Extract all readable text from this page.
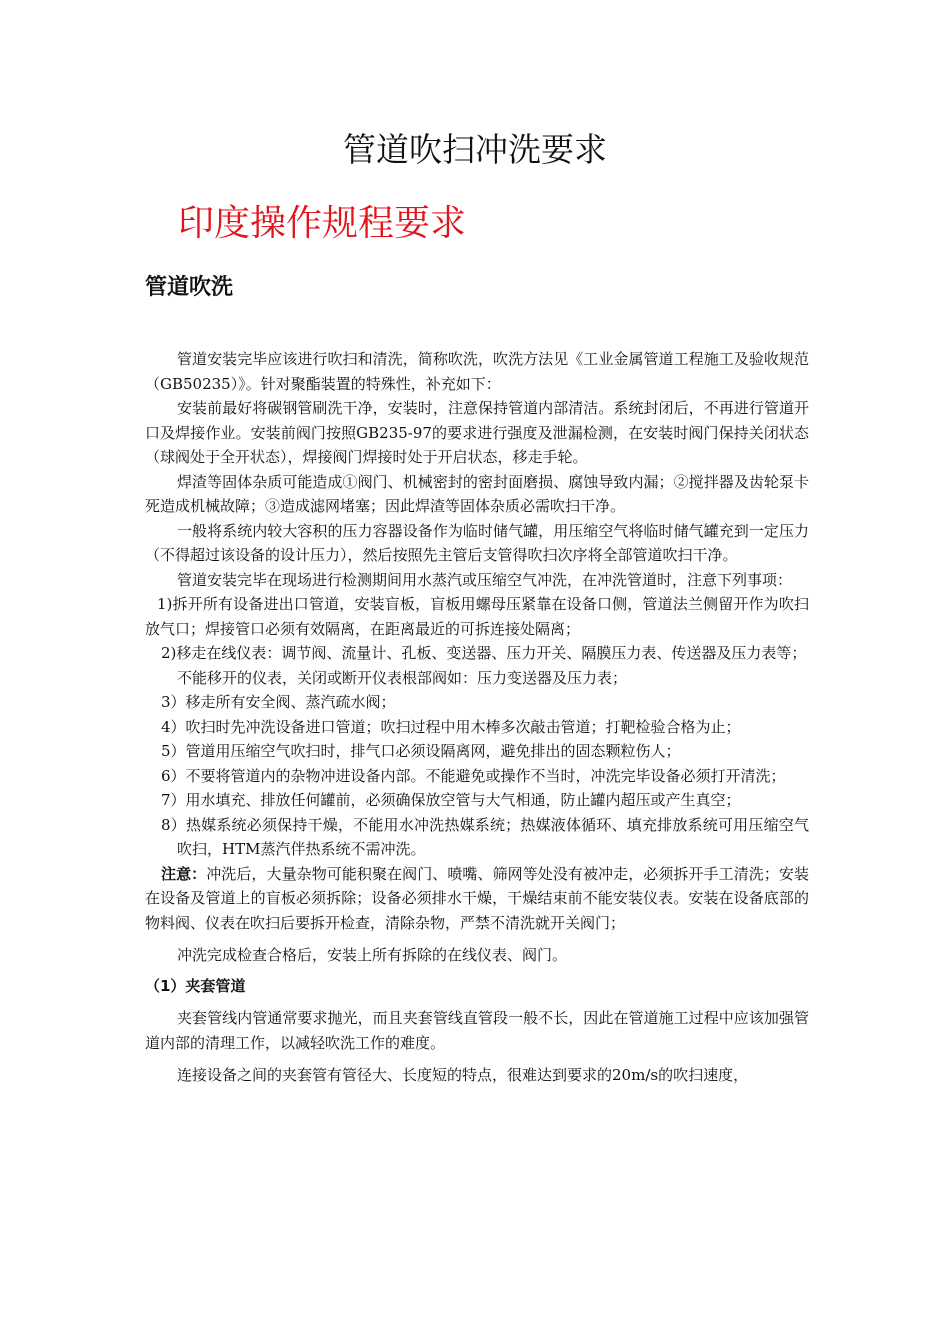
管道吹扫冲洗要求
印度操作规程要求
管道吹洗

管道安装完毕应该进行吹扫和清洗，简称吹洗，吹洗方法见《工业金属管道工程施工及验收规范（GB50235）》。针对聚酯装置的特殊性，补充如下：

安装前最好将碳钢管刷洗干净，安装时，注意保持管道内部清洁。系统封闭后，不再进行管道开口及焊接作业。安装前阀门按照GB235-97的要求进行强度及泄漏检测，在安装时阀门保持关闭状态（球阀处于全开状态），焊接阀门焊接时处于开启状态，移走手轮。

焊渣等固体杂质可能造成①阀门、机械密封的密封面磨损、腐蚀导致内漏；②搅拌器及齿轮泵卡死造成机械故障；③造成滤网堵塞；因此焊渣等固体杂质必需吹扫干净。

一般将系统内较大容积的压力容器设备作为临时储气罐，用压缩空气将临时储气罐充到一定压力（不得超过该设备的设计压力），然后按照先主管后支管得吹扫次序将全部管道吹扫干净。

管道安装完毕在现场进行检测期间用水蒸汽或压缩空气冲洗，在冲洗管道时，注意下列事项：

1)拆开所有设备进出口管道，安装盲板，盲板用螺母压紧靠在设备口侧，管道法兰侧留开作为吹扫放气口；焊接管口必须有效隔离，在距离最近的可拆连接处隔离；

2)移走在线仪表：调节阀、流量计、孔板、变送器、压力开关、隔膜压力表、传送器及压力表等；

不能移开的仪表，关闭或断开仪表根部阀如：压力变送器及压力表；

3）移走所有安全阀、蒸汽疏水阀；

4）吹扫时先冲洗设备进口管道；吹扫过程中用木棒多次敲击管道；打靶检验合格为止；

5）管道用压缩空气吹扫时，排气口必须设隔离网，避免排出的固态颗粒伤人；

6）不要将管道内的杂物冲进设备内部。不能避免或操作不当时，冲洗完毕设备必须打开清洗；

7）用水填充、排放任何罐前，必须确保放空管与大气相通，防止罐内超压或产生真空；

8）热媒系统必须保持干燥，不能用水冲洗热媒系统；热媒液体循环、填充排放系统可用压缩空气吹扫，HTM蒸汽伴热系统不需冲洗。

注意：冲洗后，大量杂物可能积聚在阀门、喷嘴、筛网等处没有被冲走，必须拆开手工清洗；安装在设备及管道上的盲板必须拆除；设备必须排水干燥，干燥结束前不能安装仪表。安装在设备底部的物料阀、仪表在吹扫后要拆开检查，清除杂物，严禁不清洗就开关阀门；

冲洗完成检查合格后，安装上所有拆除的在线仪表、阀门。

（1）夹套管道

夹套管线内管通常要求抛光，而且夹套管线直管段一般不长，因此在管道施工过程中应该加强管道内部的清理工作，以减轻吹洗工作的难度。

连接设备之间的夹套管有管径大、长度短的特点，很难达到要求的20m/s的吹扫速度，
